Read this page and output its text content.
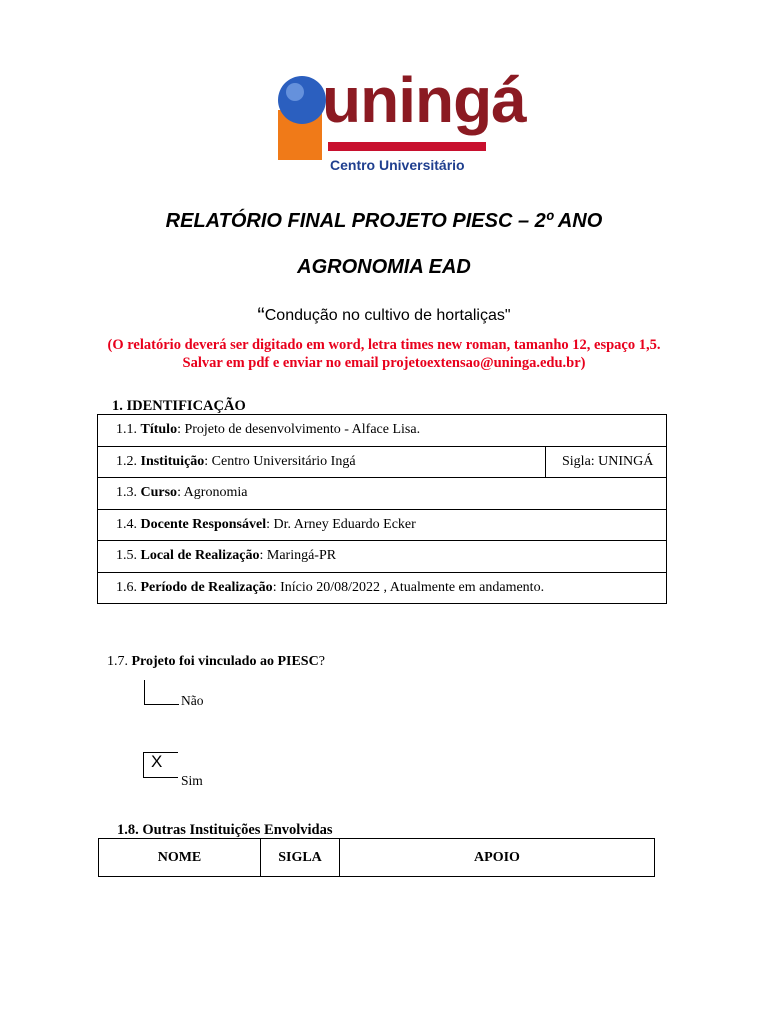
uningá
Centro Universitário
RELATÓRIO FINAL PROJETO PIESC – 2º ANO
AGRONOMIA EAD
“Condução no cultivo de hortaliças"
(O relatório deverá ser digitado em word, letra times new roman, tamanho 12, espaço 1,5. Salvar em pdf e enviar no email projetoextensao@uninga.edu.br)
1. IDENTIFICAÇÃO
1.1. Título: Projeto de desenvolvimento - Alface Lisa.
1.2. Instituição: Centro Universitário Ingá	Sigla: UNINGÁ
1.3. Curso: Agronomia
1.4. Docente Responsável: Dr. Arney Eduardo Ecker
1.5. Local de Realização: Maringá-PR
1.6. Período de Realização: Início 20/08/2022 , Atualmente em andamento.
1.7. Projeto foi vinculado ao PIESC?
Não
X
Sim
1.8. Outras Instituições Envolvidas
NOME	SIGLA	APOIO
